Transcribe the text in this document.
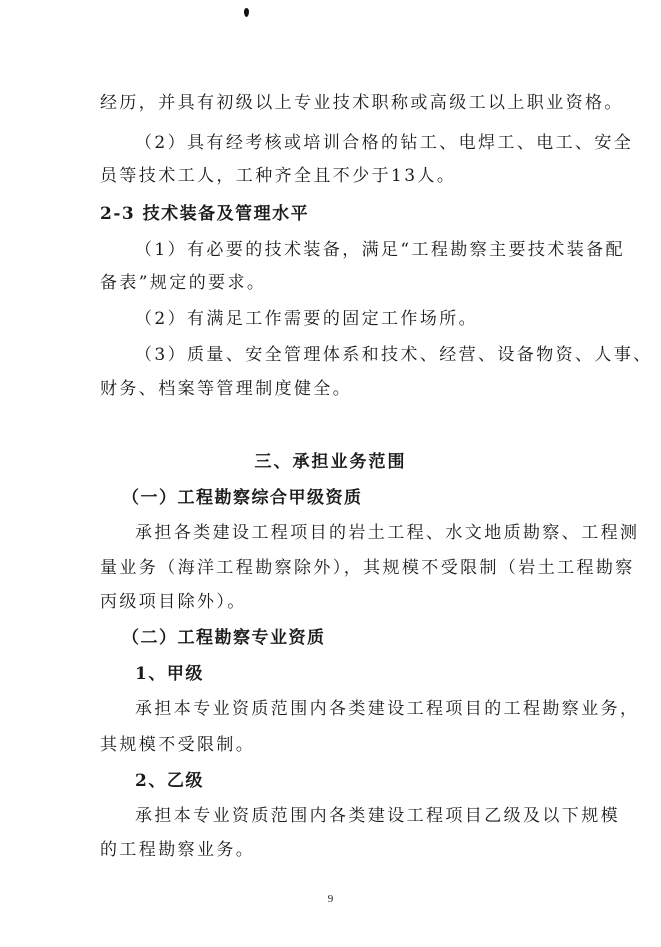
经历，并具有初级以上专业技术职称或高级工以上职业资格。
（2）具有经考核或培训合格的钻工、电焊工、电工、安全
员等技术工人，工种齐全且不少于13人。
2-3 技术装备及管理水平
（1）有必要的技术装备，满足“工程勘察主要技术装备配
备表”规定的要求。
（2）有满足工作需要的固定工作场所。
（3）质量、安全管理体系和技术、经营、设备物资、人事、
财务、档案等管理制度健全。
三、承担业务范围
（一）工程勘察综合甲级资质
承担各类建设工程项目的岩土工程、水文地质勘察、工程测
量业务（海洋工程勘察除外），其规模不受限制（岩土工程勘察
丙级项目除外）。
（二）工程勘察专业资质
1、甲级
承担本专业资质范围内各类建设工程项目的工程勘察业务，
其规模不受限制。
2、乙级
承担本专业资质范围内各类建设工程项目乙级及以下规模
的工程勘察业务。
9
